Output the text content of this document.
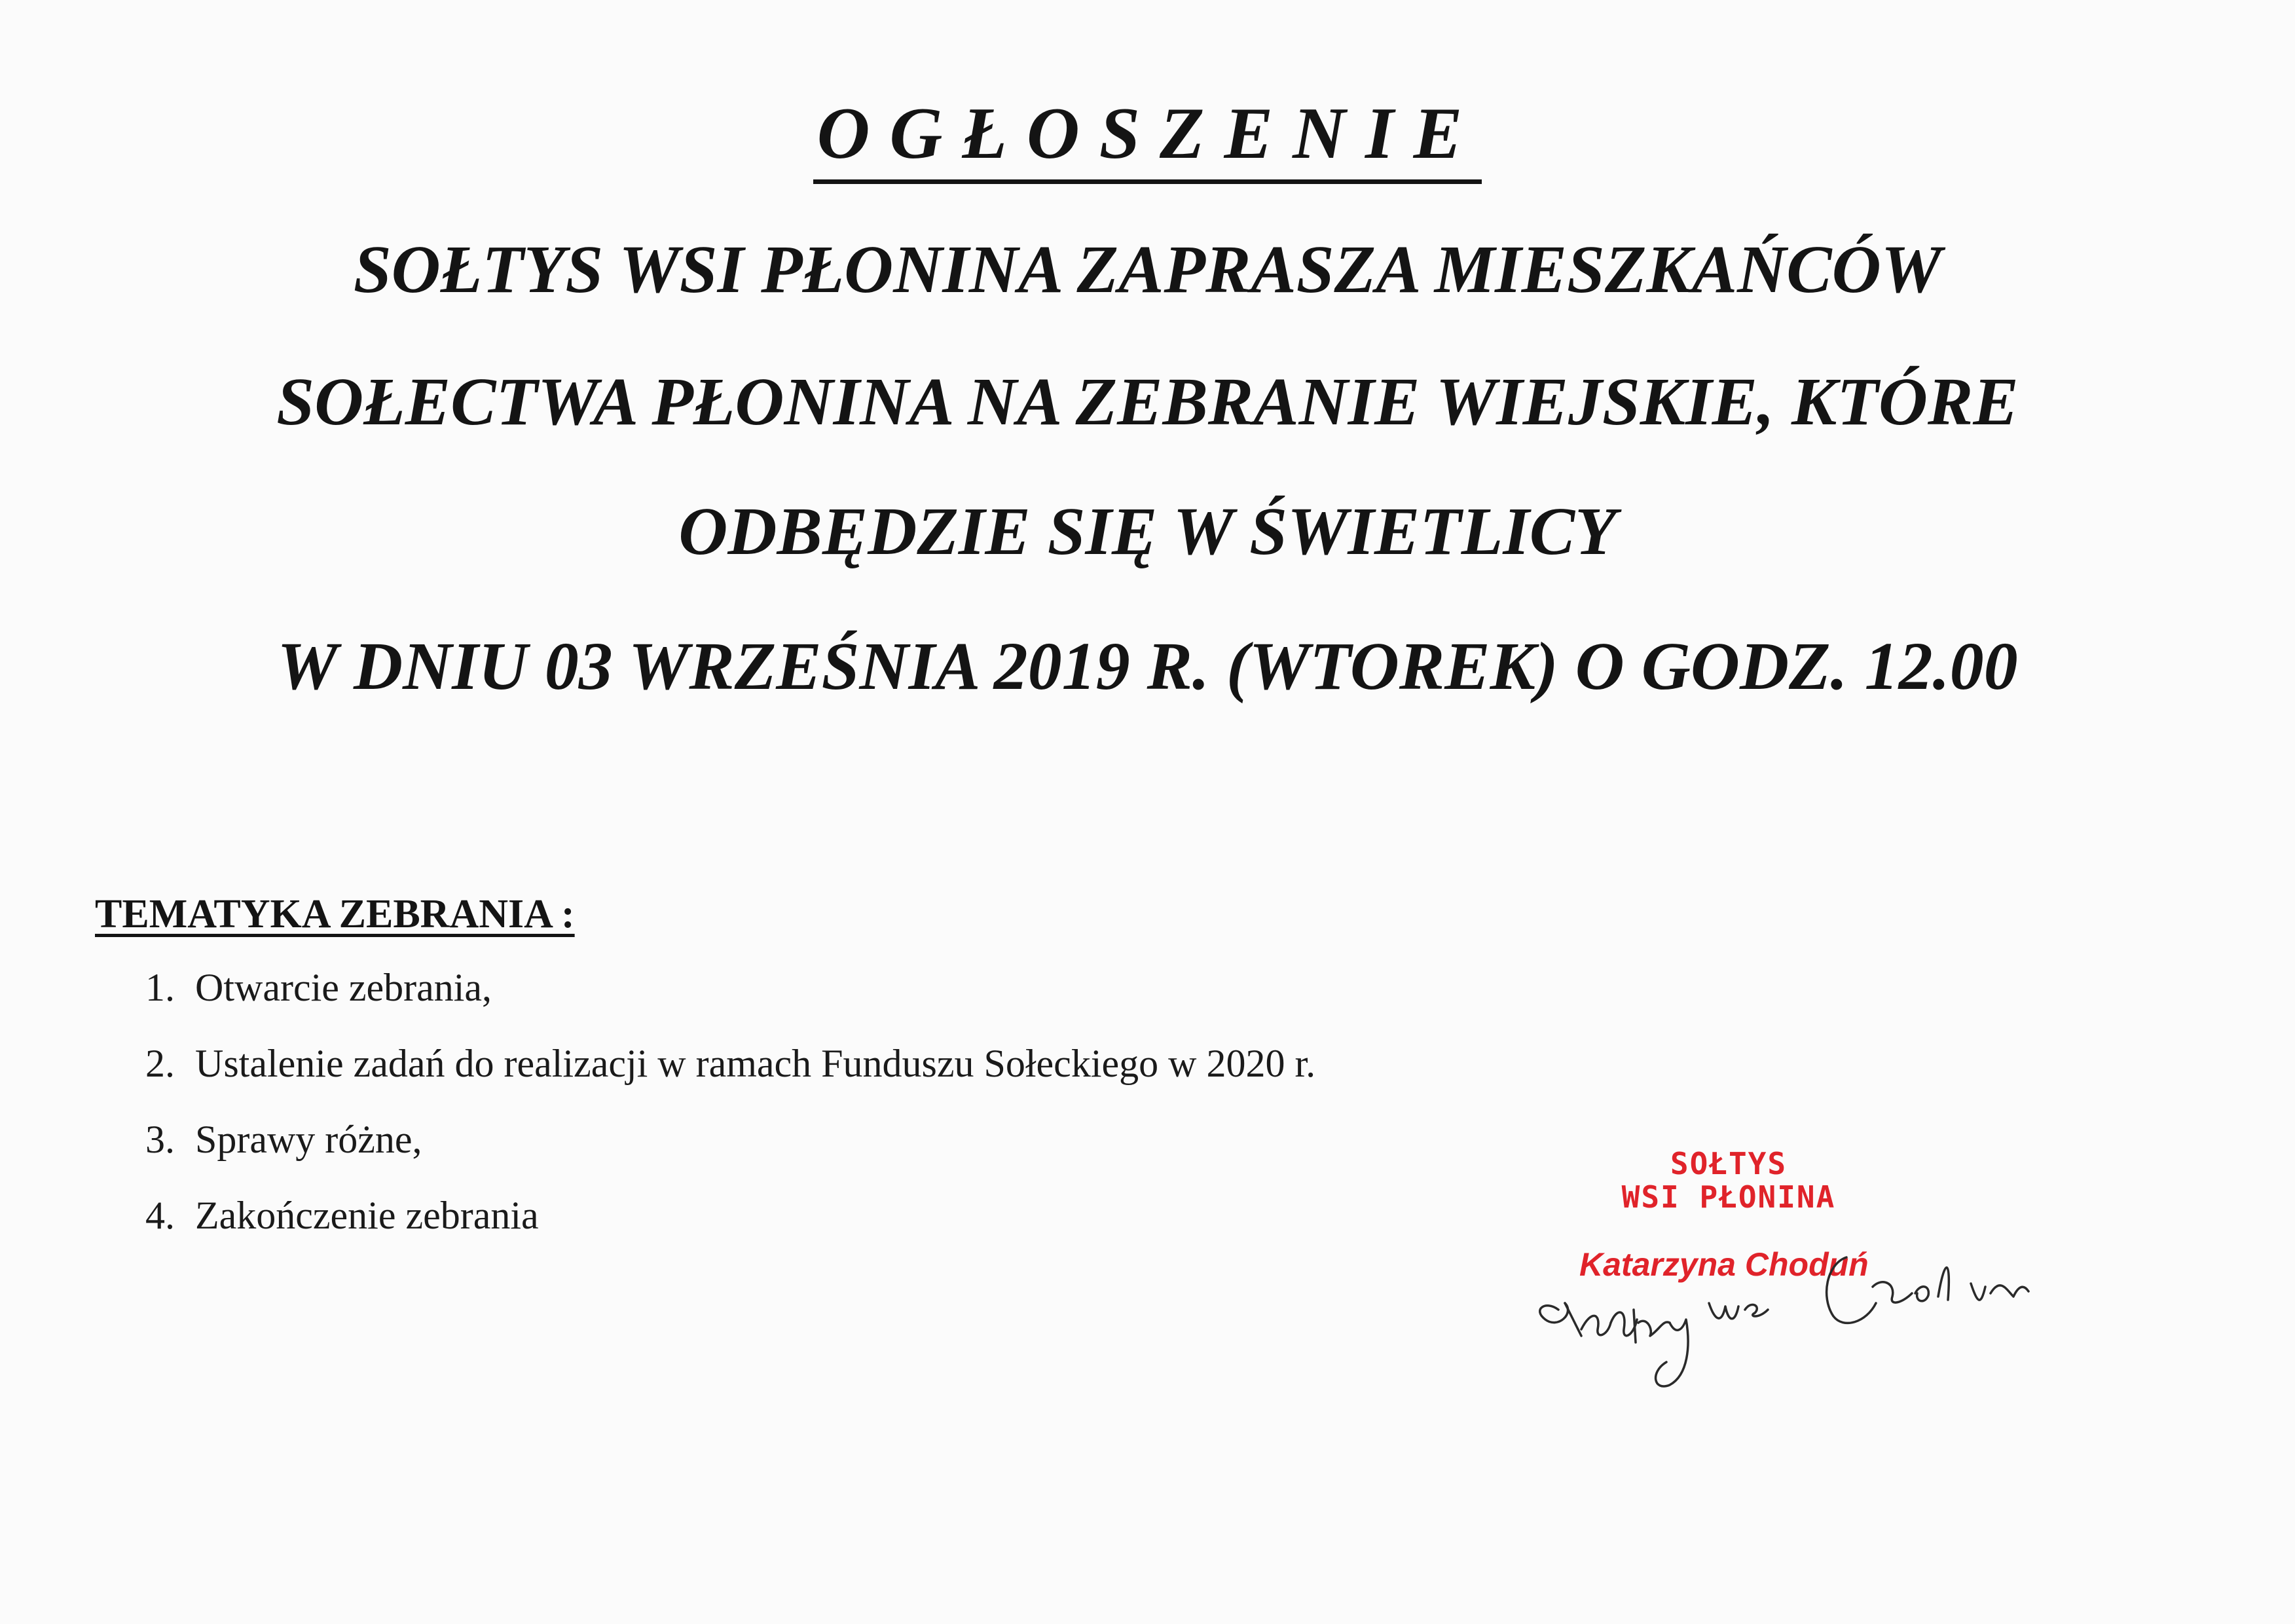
OGŁOSZENIE
SOŁTYS WSI PŁONINA ZAPRASZA MIESZKAŃCÓW
SOŁECTWA PŁONINA NA ZEBRANIE WIEJSKIE, KTÓRE
ODBĘDZIE SIĘ W ŚWIETLICY
W DNIU 03 WRZEŚNIA 2019 R. (WTOREK) O GODZ. 12.00
TEMATYKA ZEBRANIA :
1. Otwarcie zebrania,
2. Ustalenie zadań do realizacji w ramach Funduszu Sołeckiego w 2020 r.
3. Sprawy różne,
4. Zakończenie zebrania
SOŁTYS
WSI PŁONINA
Katarzyna Choduń
